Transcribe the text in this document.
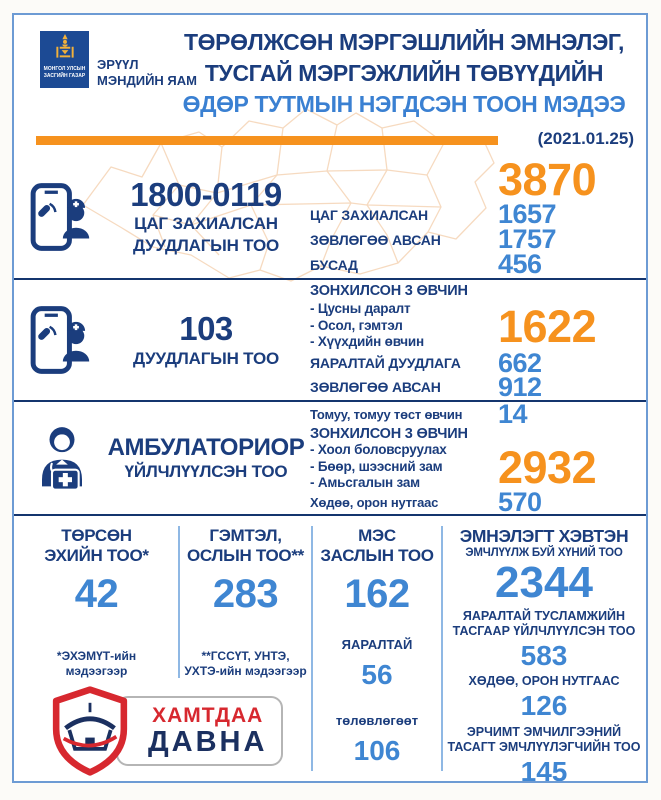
МОНГОЛ УЛСЫН
ЗАСГИЙН ГАЗАР
ЭРҮҮЛ
МЭНДИЙН ЯАМ
ТӨРӨЛЖСӨН МЭРГЭШЛИЙН ЭМНЭЛЭГ,
ТУСГАЙ МЭРГЭЖЛИЙН ТӨВҮҮДИЙН
ӨДӨР ТУТМЫН НЭГДСЭН ТООН МЭДЭЭ
(2021.01.25)
1800-0119
ЦАГ ЗАХИАЛСАН
ДУУДЛАГЫН ТОО
3870
ЦАГ ЗАХИАЛСАН	1657
ЗӨВЛӨГӨӨ АВСАН	1757
БУСАД	456
103
ДУУДЛАГЫН ТОО
ЗОНХИЛСОН 3 ӨВЧИН
- Цусны даралт
- Осол, гэмтэл
- Хүүхдийн өвчин	1622
ЯАРАЛТАЙ ДУУДЛАГА	662
ЗӨВЛӨГӨӨ АВСАН	912
АМБУЛАТОРИОР
ҮЙЛЧЛҮҮЛСЭН ТОО
Томуу, томуу төст өвчин	14
ЗОНХИЛСОН 3 ӨВЧИН
- Хоол боловсруулах
- Бөөр, шээсний зам
- Амьсгалын зам	2932
Хөдөө, орон нутгаас	570
ТӨРСӨН
ЭХИЙН ТОО*
42
*ЭХЭМҮТ-ийн
мэдээгээр
ГЭМТЭЛ,
ОСЛЫН ТОО**
283
**ГССҮТ, УНТЭ,
УХТЭ-ийн мэдээгээр
МЭС
ЗАСЛЫН ТОО
162
ЯАРАЛТАЙ
56
төлөвлөгөөт
106
ЭМНЭЛЭГТ ХЭВТЭН
ЭМЧЛҮҮЛЖ БУЙ ХҮНИЙ ТОО
2344
ЯАРАЛТАЙ ТУСЛАМЖИЙН
ТАСГААР ҮЙЛЧЛҮҮЛСЭН ТОО
583
ХӨДӨӨ, ОРОН НУТГААС
126
ЭРЧИМТ ЭМЧИЛГЭЭНИЙ
ТАСАГТ ЭМЧЛҮҮЛЭГЧИЙН ТОО
145
ХАМТДАА
ДАВНА
